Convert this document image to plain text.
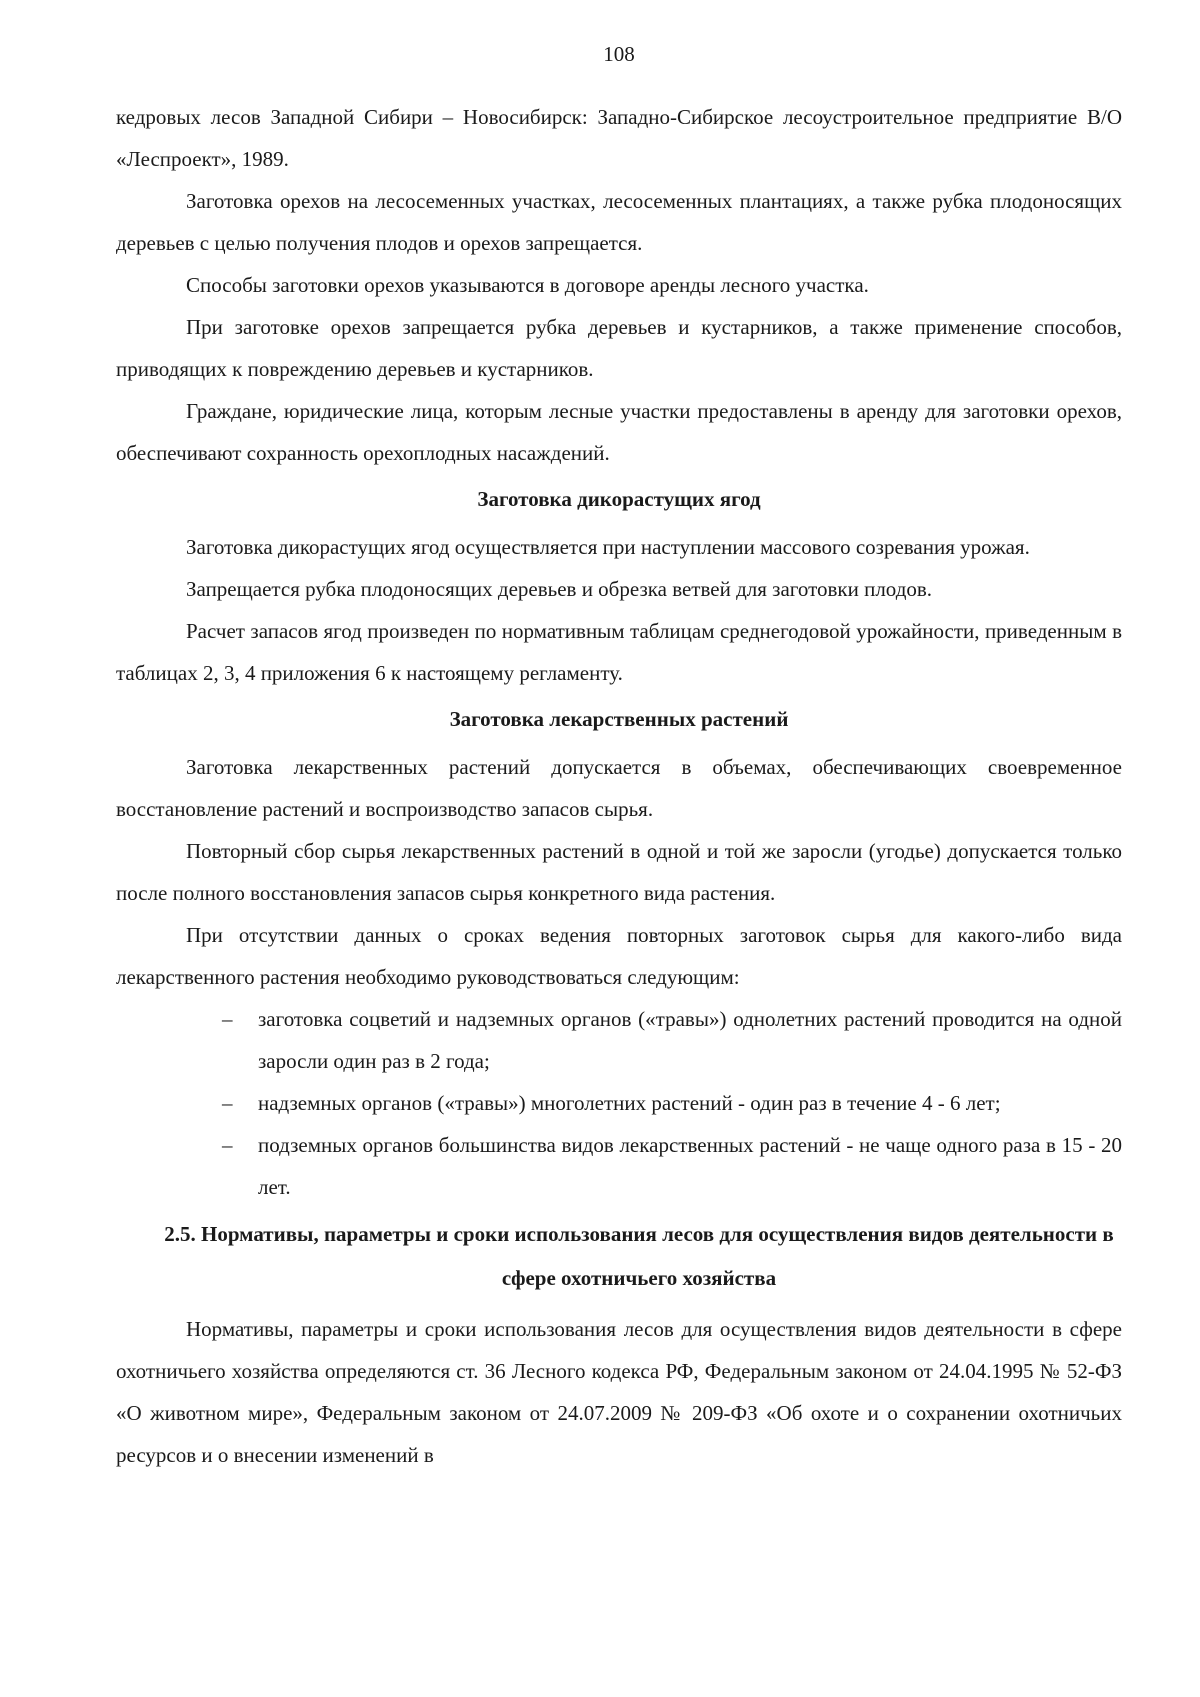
108

кедровых лесов Западной Сибири – Новосибирск: Западно-Сибирское лесоустроительное предприятие В/О «Леспроект», 1989.

Заготовка орехов на лесосеменных участках, лесосеменных плантациях, а также рубка плодоносящих деревьев с целью получения плодов и орехов запрещается.

Способы заготовки орехов указываются в договоре аренды лесного участка.

При заготовке орехов запрещается рубка деревьев и кустарников, а также применение способов, приводящих к повреждению деревьев и кустарников.

Граждане, юридические лица, которым лесные участки предоставлены в аренду для заготовки орехов, обеспечивают сохранность орехоплодных насаждений.

Заготовка дикорастущих ягод

Заготовка дикорастущих ягод осуществляется при наступлении массового созревания урожая.

Запрещается рубка плодоносящих деревьев и обрезка ветвей для заготовки плодов.

Расчет запасов ягод произведен по нормативным таблицам среднегодовой урожайности, приведенным в таблицах 2, 3, 4 приложения 6 к настоящему регламенту.

Заготовка лекарственных растений

Заготовка лекарственных растений допускается в объемах, обеспечивающих своевременное восстановление растений и воспроизводство запасов сырья.

Повторный сбор сырья лекарственных растений в одной и той же заросли (угодье) допускается только после полного восстановления запасов сырья конкретного вида растения.

При отсутствии данных о сроках ведения повторных заготовок сырья для какого-либо вида лекарственного растения необходимо руководствоваться следующим:

– заготовка соцветий и надземных органов («травы») однолетних растений проводится на одной заросли один раз в 2 года;
– надземных органов («травы») многолетних растений - один раз в течение 4 - 6 лет;
– подземных органов большинства видов лекарственных растений - не чаще одного раза в 15 - 20 лет.
2.5. Нормативы, параметры и сроки использования лесов для осуществления видов деятельности в сфере охотничьего хозяйства

Нормативы, параметры и сроки использования лесов для осуществления видов деятельности в сфере охотничьего хозяйства определяются ст. 36 Лесного кодекса РФ, Федеральным законом от 24.04.1995 № 52-ФЗ «О животном мире», Федеральным законом от 24.07.2009 № 209-ФЗ «Об охоте и о сохранении охотничьих ресурсов и о внесении изменений в
